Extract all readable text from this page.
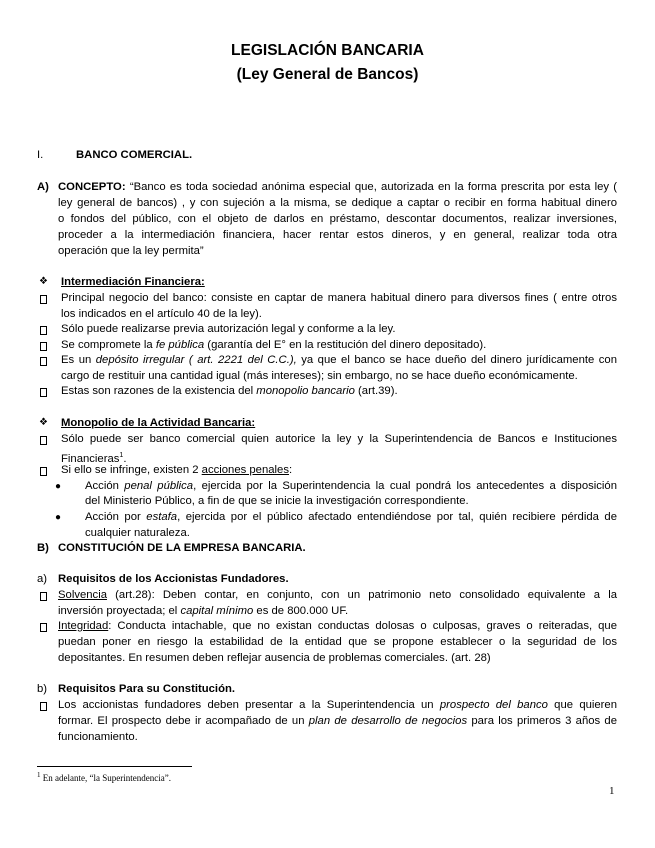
LEGISLACIÓN BANCARIA
(Ley General de Bancos)
I.	BANCO COMERCIAL.
A) CONCEPTO: “Banco es toda sociedad anónima especial que, autorizada en la forma prescrita por esta ley (
ley general de bancos) , y con sujeción a la misma, se dedique a captar o recibir en forma habitual dinero
o fondos del público, con el objeto de darlos en préstamo, descontar documentos, realizar inversiones,
proceder a la intermediación financiera, hacer rentar estos dineros, y en general, realizar toda otra
operación que la ley permita”
❖ Intermediación Financiera:
Principal negocio del banco: consiste en captar de manera habitual dinero para diversos fines ( entre otros
los indicados en el artículo 40 de la ley).
Sólo puede realizarse previa autorización legal y conforme a la ley.
Se compromete la fe pública (garantía del E° en la restitución del dinero depositado).
Es un depósito irregular ( art. 2221 del C.C.), ya que el banco se hace dueño del dinero jurídicamente con
cargo de restituir una cantidad igual (más intereses); sin embargo, no se hace dueño económicamente.
Estas son razones de la existencia del monopolio bancario (art.39).
❖ Monopolio de la Actividad Bancaria:
Sólo puede ser banco comercial quien autorice la ley y la Superintendencia de Bancos e Instituciones
Financieras$^1$.
Si ello se infringe, existen 2 acciones penales:
● Acción penal pública, ejercida por la Superintendencia la cual pondrá los antecedentes a disposición
del Ministerio Público, a fin de que se inicie la investigación correspondiente.
● Acción por estafa, ejercida por el público afectado entendiéndose por tal, quién recibiere pérdida de
cualquier naturaleza.
B) CONSTITUCIÓN DE LA EMPRESA BANCARIA.
a) Requisitos de los Accionistas Fundadores.
Solvencia (art.28): Deben contar, en conjunto, con un patrimonio neto consolidado equivalente a la
inversión proyectada; el capital mínimo es de 800.000 UF.
Integridad: Conducta intachable, que no existan conductas dolosas o culposas, graves o reiteradas, que
puedan poner en riesgo la estabilidad de la entidad que se propone establecer o la seguridad de los
depositantes. En resumen deben reflejar ausencia de problemas comerciales. (art. 28)
b) Requisitos Para su Constitución.
Los accionistas fundadores deben presentar a la Superintendencia un prospecto del banco que quieren
formar. El prospecto debe ir acompañado de un plan de desarrollo de negocios para los primeros 3 años de
funcionamiento.
$^1$ En adelante, “la Superintendencia”.
1
